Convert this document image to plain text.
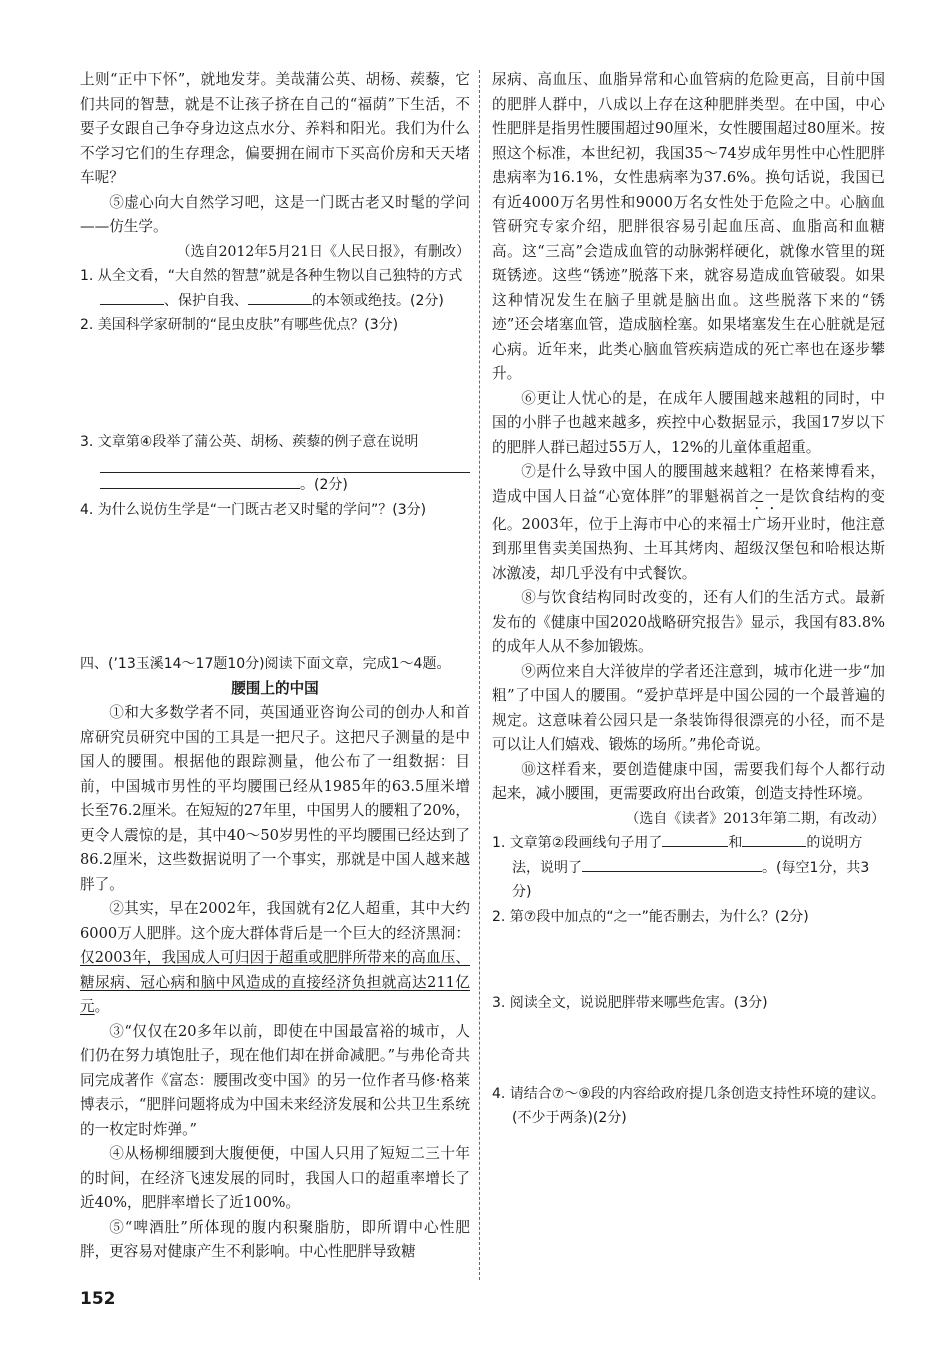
上则“正中下怀”，就地发芽。美哉蒲公英、胡杨、蒺藜，它们共同的智慧，就是不让孩子挤在自己的“福荫”下生活，不要子女跟自己争夺身边这点水分、养料和阳光。我们为什么不学习它们的生存理念，偏要拥在闹市下买高价房和天天堵车呢？

⑤虚心向大自然学习吧，这是一门既古老又时髦的学问——仿生学。

（选自2012年5月21日《人民日报》，有删改）

1. 从全文看，“大自然的智慧”就是各种生物以自己独特的方式、保护自我、	的本领或绝技。(2分)

2. 美国科学家研制的“昆虫皮肤”有哪些优点？(3分)

3. 文章第④段举了蒲公英、胡杨、蒺藜的例子意在说明

。(2分)

4. 为什么说仿生学是“一门既古老又时髦的学问”？(3分)

四、(’13玉溪14～17题10分)阅读下面文章，完成1～4题。

腰围上的中国

①和大多数学者不同，英国通亚咨询公司的创办人和首席研究员研究中国的工具是一把尺子。这把尺子测量的是中国人的腰围。根据他的跟踪测量，他公布了一组数据：目前，中国城市男性的平均腰围已经从1985年的63.5厘米增长至76.2厘米。在短短的27年里，中国男人的腰粗了20%，更令人震惊的是，其中40～50岁男性的平均腰围已经达到了86.2厘米，这些数据说明了一个事实，那就是中国人越来越胖了。

②其实，早在2002年，我国就有2亿人超重，其中大约6000万人肥胖。这个庞大群体背后是一个巨大的经济黑洞：仅2003年，我国成人可归因于超重或肥胖所带来的高血压、糖尿病、冠心病和脑中风造成的直接经济负担就高达211亿元。

③“仅仅在20多年以前，即使在中国最富裕的城市，人们仍在努力填饱肚子，现在他们却在拼命减肥。”与弗伦奇共同完成著作《富态：腰围改变中国》的另一位作者马修·格莱博表示，“肥胖问题将成为中国未来经济发展和公共卫生系统的一枚定时炸弹。”

④从杨柳细腰到大腹便便，中国人只用了短短二三十年的时间，在经济飞速发展的同时，我国人口的超重率增长了近40%，肥胖率增长了近100%。

⑤“啤酒肚”所体现的腹内积聚脂肪，即所谓中心性肥胖，更容易对健康产生不利影响。中心性肥胖导致糖

尿病、高血压、血脂异常和心血管病的危险更高，目前中国的肥胖人群中，八成以上存在这种肥胖类型。在中国，中心性肥胖是指男性腰围超过90厘米，女性腰围超过80厘米。按照这个标准，本世纪初，我国35～74岁成年男性中心性肥胖患病率为16.1%，女性患病率为37.6%。换句话说，我国已有近4000万名男性和9000万名女性处于危险之中。心脑血管研究专家介绍，肥胖很容易引起血压高、血脂高和血糖高。这“三高”会造成血管的动脉粥样硬化，就像水管里的斑斑锈迹。这些“锈迹”脱落下来，就容易造成血管破裂。如果这种情况发生在脑子里就是脑出血。这些脱落下来的“锈迹”还会堵塞血管，造成脑栓塞。如果堵塞发生在心脏就是冠心病。近年来，此类心脑血管疾病造成的死亡率也在逐步攀升。

⑥更让人忧心的是，在成年人腰围越来越粗的同时，中国的小胖子也越来越多，疾控中心数据显示，我国17岁以下的肥胖人群已超过55万人，12%的儿童体重超重。

⑦是什么导致中国人的腰围越来越粗？在格莱博看来，造成中国人日益“心宽体胖”的罪魁祸首之一是饮食结构的变化。2003年，位于上海市中心的来福士广场开业时，他注意到那里售卖美国热狗、土耳其烤肉、超级汉堡包和哈根达斯冰激凌，却几乎没有中式餐饮。

⑧与饮食结构同时改变的，还有人们的生活方式。最新发布的《健康中国2020战略研究报告》显示，我国有83.8%的成年人从不参加锻炼。

⑨两位来自大洋彼岸的学者还注意到，城市化进一步“加粗”了中国人的腰围。“爱护草坪是中国公园的一个最普遍的规定。这意味着公园只是一条装饰得很漂亮的小径，而不是可以让人们嬉戏、锻炼的场所。”弗伦奇说。

⑩这样看来，要创造健康中国，需要我们每个人都行动起来，减小腰围，更需要政府出台政策，创造支持性环境。

（选自《读者》2013年第二期，有改动）

1. 文章第②段画线句子用了	和	的说明方法，说明了	。(每空1分，共3分)

2. 第⑦段中加点的“之一”能否删去，为什么？(2分)

3. 阅读全文，说说肥胖带来哪些危害。(3分)

4. 请结合⑦～⑨段的内容给政府提几条创造支持性环境的建议。(不少于两条)(2分)

152
